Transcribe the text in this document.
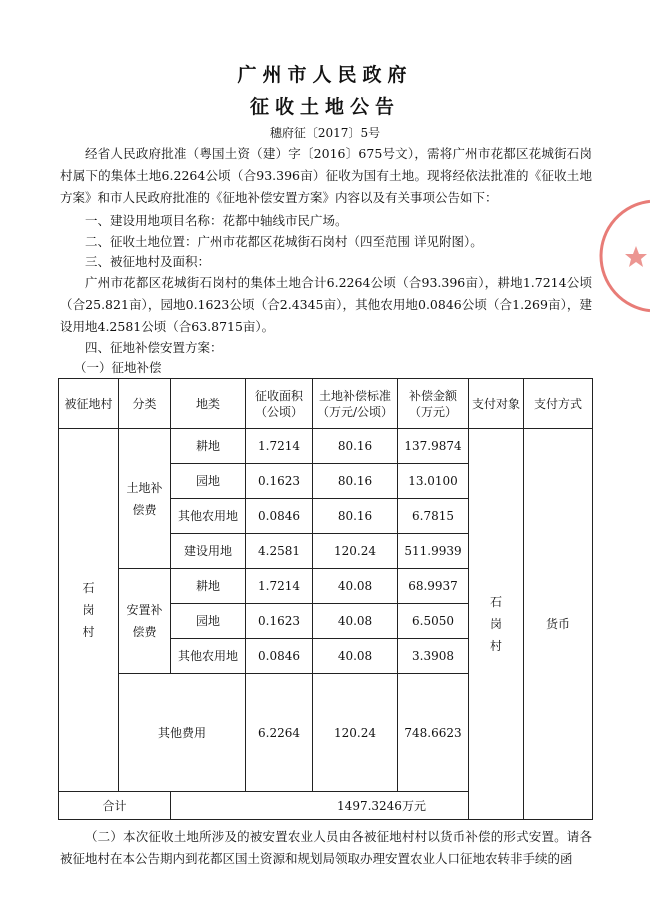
广州市人民政府
征收土地公告
穗府征〔2017〕5号
经省人民政府批准（粤国土资（建）字〔2016〕675号文），需将广州市花都区花城街石岗村属下的集体土地6.2264公顷（合93.396亩）征收为国有土地。现将经依法批准的《征收土地方案》和市人民政府批准的《征地补偿安置方案》内容以及有关事项公告如下：
一、建设用地项目名称：花都中轴线市民广场。
二、征收土地位置：广州市花都区花城街石岗村（四至范围 详见附图）。
三、被征地村及面积：
广州市花都区花城街石岗村的集体土地合计6.2264公顷（合93.396亩），耕地1.7214公顷（合25.821亩），园地0.1623公顷（合2.4345亩），其他农用地0.0846公顷（合1.269亩），建设用地4.2581公顷（合63.8715亩）。
四、征地补偿安置方案：
（一）征地补偿
被征地村	分类	地类	征收面积（公顷）	土地补偿标准（万元/公顷）	补偿金额（万元）	支付对象	支付方式

石岗村	土地补偿费	耕地	1.7214	80.16	137.9874	石岗村	货币
		园地	0.1623	80.16	13.0100		
		其他农用地	0.0846	80.16	6.7815		
		建设用地	4.2581	120.24	511.9939		

	安置补偿费	耕地	1.7214	40.08	68.9937		
		园地	0.1623	40.08	6.5050		
		其他农用地	0.0846	40.08	3.3908		
	其他费用		6.2264	120.24	748.6623		
合计		1497.3246万元					
（二）本次征收土地所涉及的被安置农业人员由各被征地村村以货币补偿的形式安置。请各被征地村在本公告期内到花都区国土资源和规划局领取办理安置农业人口征地农转非手续的函
